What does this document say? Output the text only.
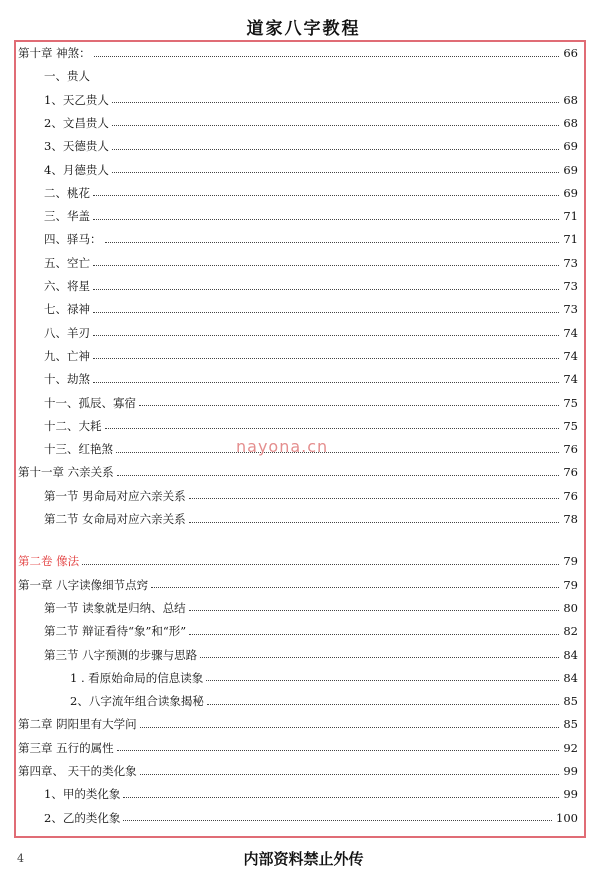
道家八字教程
第十章 神煞：	66
一、贵人
1、天乙贵人	68
2、文昌贵人	68
3、天德贵人	69
4、月德贵人	69
二、桃花	69
三、华盖	71
四、驿马：	71
五、空亡	73
六、将星	73
七、禄神	73
八、羊刃	74
九、亡神	74
十、劫煞	74
十一、孤辰、寡宿	75
十二、大耗	75
十三、红艳煞	76
第十一章 六亲关系	76
第一节 男命局对应六亲关系	76
第二节 女命局对应六亲关系	78
第二卷 像法	79
第一章 八字读像细节点窍	79
第一节 读象就是归纳、总结	80
第二节 辩证看待“象”和“形”	82
第三节 八字预测的步骤与思路	84
1 . 看原始命局的信息读象	84
2、八字流年组合读象揭秘	85
第二章 阴阳里有大学问	85
第三章 五行的属性	92
第四章、 天干的类化象	99
1、甲的类化象	99
2、乙的类化象	100
nayona.cn
4	内部资料禁止外传
